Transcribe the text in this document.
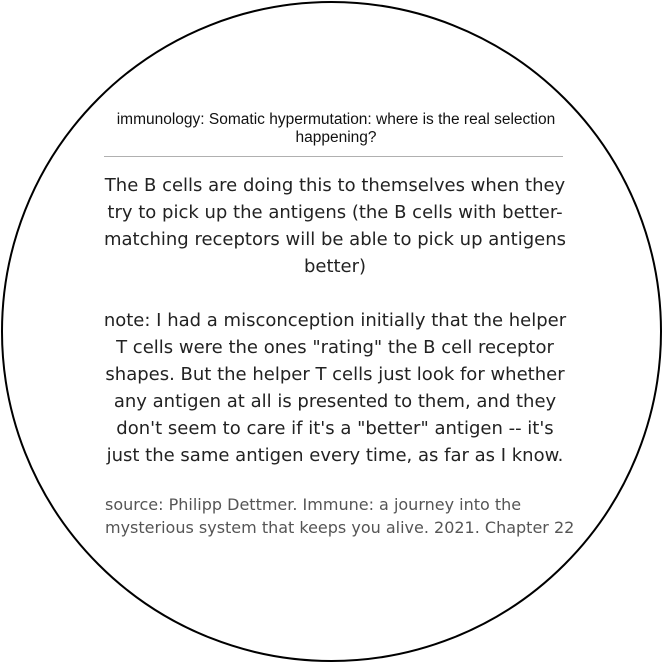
immunology: Somatic hypermutation: where is the real selection happening?
The B cells are doing this to themselves when they try to pick up the antigens (the B cells with better-matching receptors will be able to pick up antigens better)
note: I had a misconception initially that the helper T cells were the ones "rating" the B cell receptor shapes. But the helper T cells just look for whether any antigen at all is presented to them, and they don't seem to care if it's a "better" antigen -- it's just the same antigen every time, as far as I know.
source: Philipp Dettmer. Immune: a journey into the mysterious system that keeps you alive. 2021. Chapter 22
